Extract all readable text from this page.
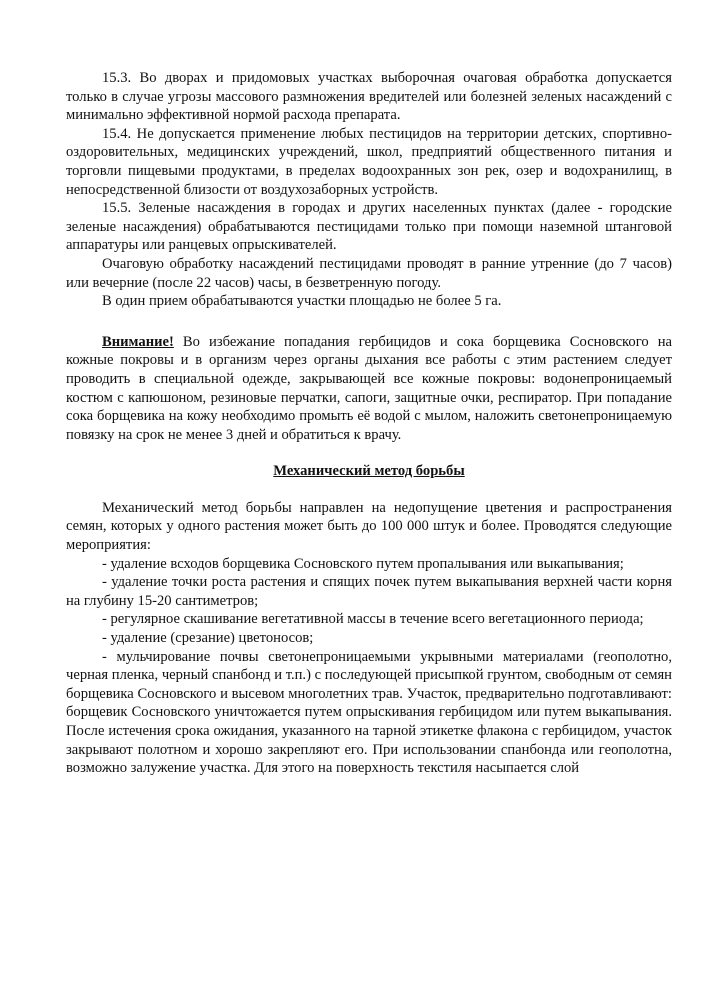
15.3. Во дворах и придомовых участках выборочная очаговая обработка допускается только в случае угрозы массового размножения вредителей или болезней зеленых насаждений с минимально эффективной нормой расхода препарата.

15.4. Не допускается применение любых пестицидов на территории детских, спортивно-оздоровительных, медицинских учреждений, школ, предприятий общественного питания и торговли пищевыми продуктами, в пределах водоохранных зон рек, озер и водохранилищ, в непосредственной близости от воздухозаборных устройств.

15.5. Зеленые насаждения в городах и других населенных пунктах (далее - городские зеленые насаждения) обрабатываются пестицидами только при помощи наземной штанговой аппаратуры или ранцевых опрыскивателей.

Очаговую обработку насаждений пестицидами проводят в ранние утренние (до 7 часов) или вечерние (после 22 часов) часы, в безветренную погоду.

В один прием обрабатываются участки площадью не более 5 га.

Внимание! Во избежание попадания гербицидов и сока борщевика Сосновского на кожные покровы и в организм через органы дыхания все работы с этим растением следует проводить в специальной одежде, закрывающей все кожные покровы: водонепроницаемый костюм с капюшоном, резиновые перчатки, сапоги, защитные очки, респиратор. При попадание сока борщевика на кожу необходимо промыть её водой с мылом, наложить светонепроницаемую повязку на срок не менее 3 дней и обратиться к врачу.

Механический метод борьбы

Механический метод борьбы направлен на недопущение цветения и распространения семян, которых у одного растения может быть до 100 000 штук и более. Проводятся следующие мероприятия:

- удаление всходов борщевика Сосновского путем пропалывания или выкапывания;

- удаление точки роста растения и спящих почек путем выкапывания верхней части корня на глубину 15-20 сантиметров;

- регулярное скашивание вегетативной массы в течение всего вегетационного периода;

- удаление (срезание) цветоносов;

- мульчирование почвы светонепроницаемыми укрывными материалами (геополотно, черная пленка, черный спанбонд и т.п.) с последующей присыпкой грунтом, свободным от семян борщевика Сосновского и высевом многолетних трав. Участок, предварительно подготавливают: борщевик Сосновского уничтожается путем опрыскивания гербицидом или путем выкапывания. После истечения срока ожидания, указанного на тарной этикетке флакона с гербицидом, участок закрывают полотном и хорошо закрепляют его. При использовании спанбонда или геополотна, возможно залужение участка. Для этого на поверхность текстиля насыпается слой
